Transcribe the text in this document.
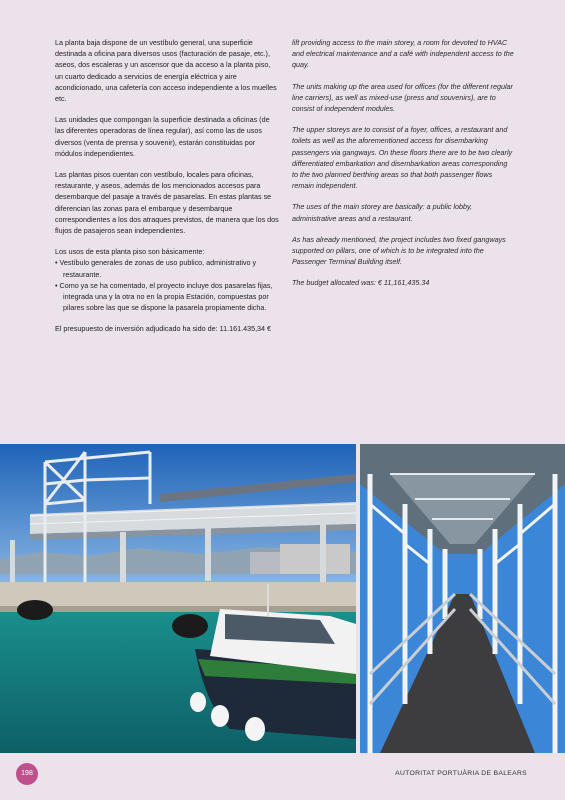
La planta baja dispone de un vestíbulo general, una superficie destinada a oficina para diversos usos (facturación de pasaje, etc.), aseos, dos escaleras y un ascensor que da acceso a la planta piso, un cuarto dedicado a servicios de energía eléctrica y aire acondicionado, una cafetería con acceso independiente a los muelles etc.

Las unidades que compongan la superficie destinada a oficinas (de las diferentes operadoras de línea regular), así como las de usos diversos (venta de prensa y souvenir), estarán constituidas por módulos independientes.

Las plantas pisos cuentan con vestíbulo, locales para oficinas, restaurante, y aseos, además de los mencionados accesos para desembarque del pasaje a través de pasarelas. En estas plantas se diferencian las zonas para el embarque y desembarque correspondientes a los dos atraques previstos, de manera que los dos flujos de pasajeros sean independientes.

Los usos de esta planta piso son básicamente:
• Vestíbulo generales de zonas de uso publico, administrativo y restaurante.
• Como ya se ha comentado, el proyecto incluye dos pasarelas fijas, integrada una y la otra no en la propia Estación, compuestas por pilares sobre las que se dispone la pasarela propiamente dicha.

El presupuesto de inversión adjudicado ha sido de: 11.161.435,34 €

lift providing access to the main storey, a room for devoted to HVAC and electrical maintenance and a café with independent access to the quay.

The units making up the area used for offices (for the different regular line carriers), as well as mixed-use (press and souvenirs), are to consist of independent modules.

The upper storeys are to consist of a foyer, offices, a restaurant and toilets as well as the aforementioned access for disembarking passengers via gangways. On these floors there are to be two clearly differentiated embarkation and disembarkation areas corresponding to the two planned berthing areas so that both passenger flows remain independent.

The uses of the main storey are basically: a public lobby, administrative areas and a restaurant.

As has already mentioned, the project includes two fixed gangways supported on pillars, one of which is to be integrated into the Passenger Terminal Building itself.

The budget allocated was: € 11,161,435.34

198	AUTORITAT PORTUÀRIA DE BALEARS
